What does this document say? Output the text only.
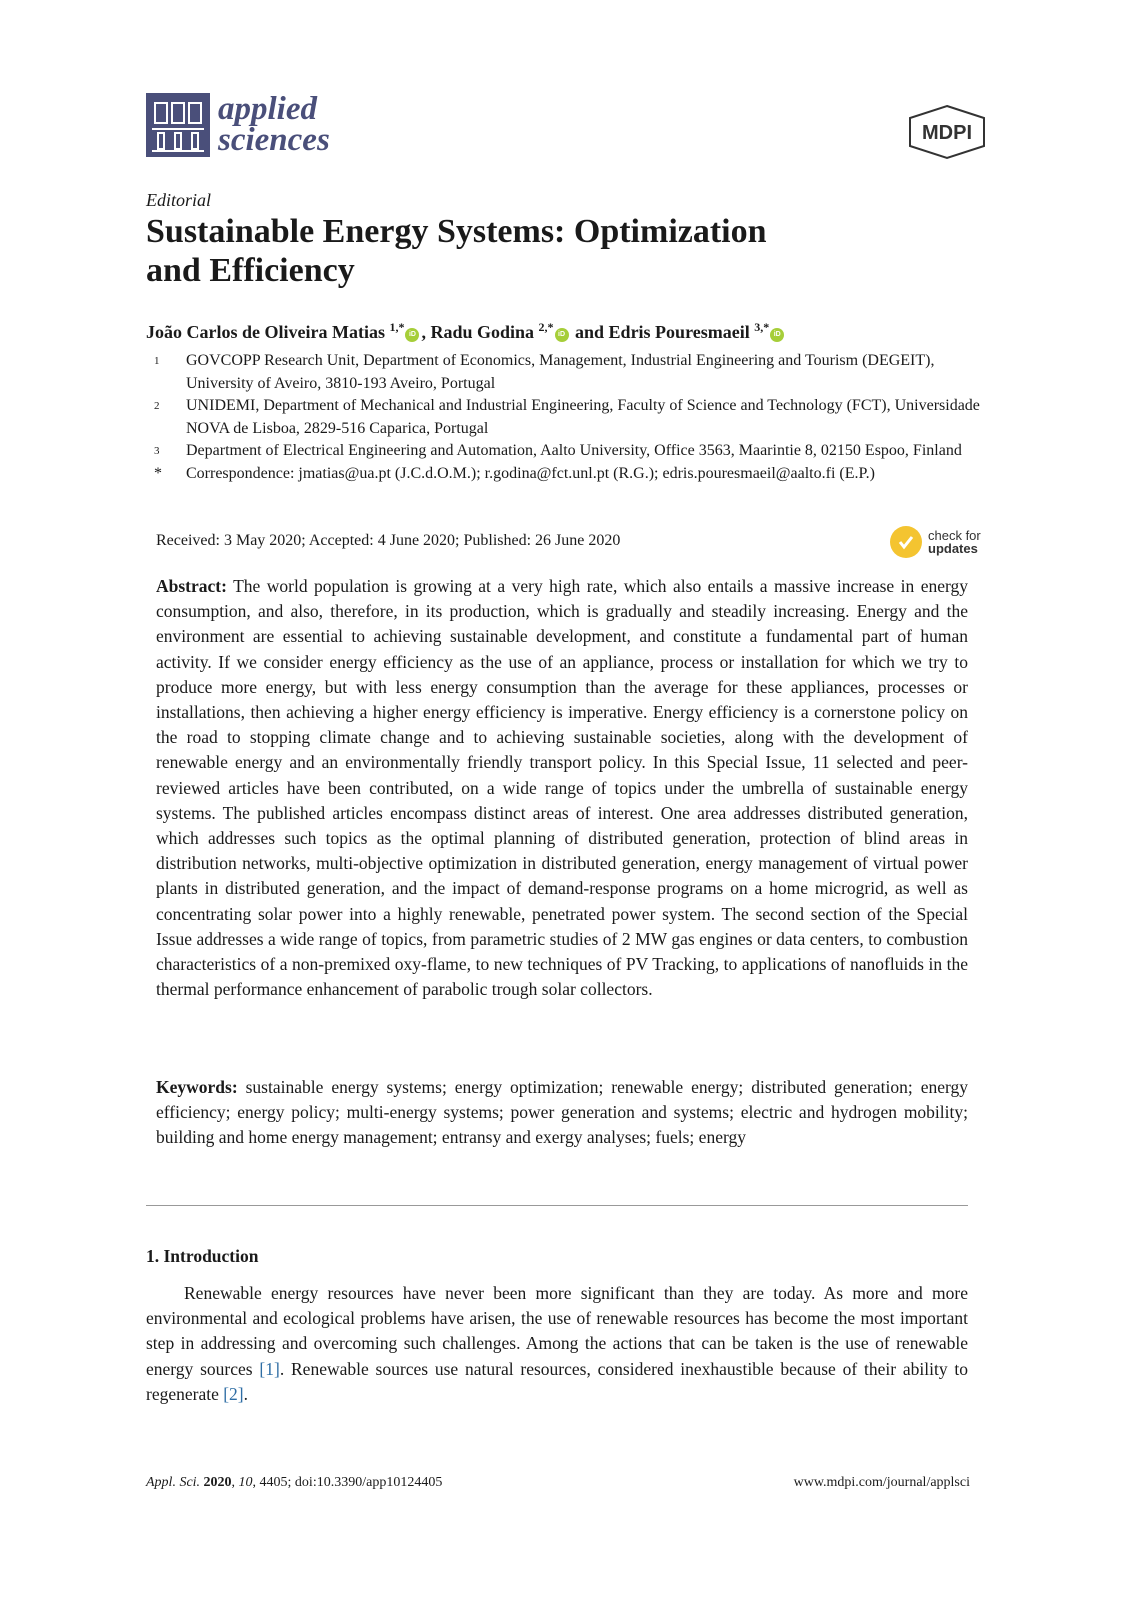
applied
sciences	MDPI
Editorial
Sustainable Energy Systems: Optimization
and Efficiency
João Carlos de Oliveira Matias $^{1,*}$iD , Radu Godina $^{2,*}$iD and Edris Pouresmaeil $^{3,*}$iD
1	GOVCOPP Research Unit, Department of Economics, Management, Industrial Engineering and Tourism (DEGEIT), University of Aveiro, 3810-193 Aveiro, Portugal
2	UNIDEMI, Department of Mechanical and Industrial Engineering, Faculty of Science and Technology (FCT), Universidade NOVA de Lisboa, 2829-516 Caparica, Portugal
3	Department of Electrical Engineering and Automation, Aalto University, Office 3563, Maarintie 8, 02150 Espoo, Finland
*	Correspondence: jmatias@ua.pt (J.C.d.O.M.); r.godina@fct.unl.pt (R.G.); edris.pouresmaeil@aalto.fi (E.P.)
Received: 3 May 2020; Accepted: 4 June 2020; Published: 26 June 2020	check for
updates
Abstract: The world population is growing at a very high rate, which also entails a massive increase in energy consumption, and also, therefore, in its production, which is gradually and steadily increasing. Energy and the environment are essential to achieving sustainable development, and constitute a fundamental part of human activity. If we consider energy efficiency as the use of an appliance, process or installation for which we try to produce more energy, but with less energy consumption than the average for these appliances, processes or installations, then achieving a higher energy efficiency is imperative. Energy efficiency is a cornerstone policy on the road to stopping climate change and to achieving sustainable societies, along with the development of renewable energy and an environmentally friendly transport policy. In this Special Issue, 11 selected and peer-reviewed articles have been contributed, on a wide range of topics under the umbrella of sustainable energy systems. The published articles encompass distinct areas of interest. One area addresses distributed generation, which addresses such topics as the optimal planning of distributed generation, protection of blind areas in distribution networks, multi-objective optimization in distributed generation, energy management of virtual power plants in distributed generation, and the impact of demand-response programs on a home microgrid, as well as concentrating solar power into a highly renewable, penetrated power system. The second section of the Special Issue addresses a wide range of topics, from parametric studies of 2 MW gas engines or data centers, to combustion characteristics of a non-premixed oxy-flame, to new techniques of PV Tracking, to applications of nanofluids in the thermal performance enhancement of parabolic trough solar collectors.
Keywords: sustainable energy systems; energy optimization; renewable energy; distributed generation; energy efficiency; energy policy; multi-energy systems; power generation and systems; electric and hydrogen mobility; building and home energy management; entransy and exergy analyses; fuels; energy
1. Introduction
Renewable energy resources have never been more significant than they are today. As more and more environmental and ecological problems have arisen, the use of renewable resources has become the most important step in addressing and overcoming such challenges. Among the actions that can be taken is the use of renewable energy sources [1]. Renewable sources use natural resources, considered inexhaustible because of their ability to regenerate [2].
Appl. Sci. 2020, 10, 4405; doi:10.3390/app10124405	www.mdpi.com/journal/applsci
